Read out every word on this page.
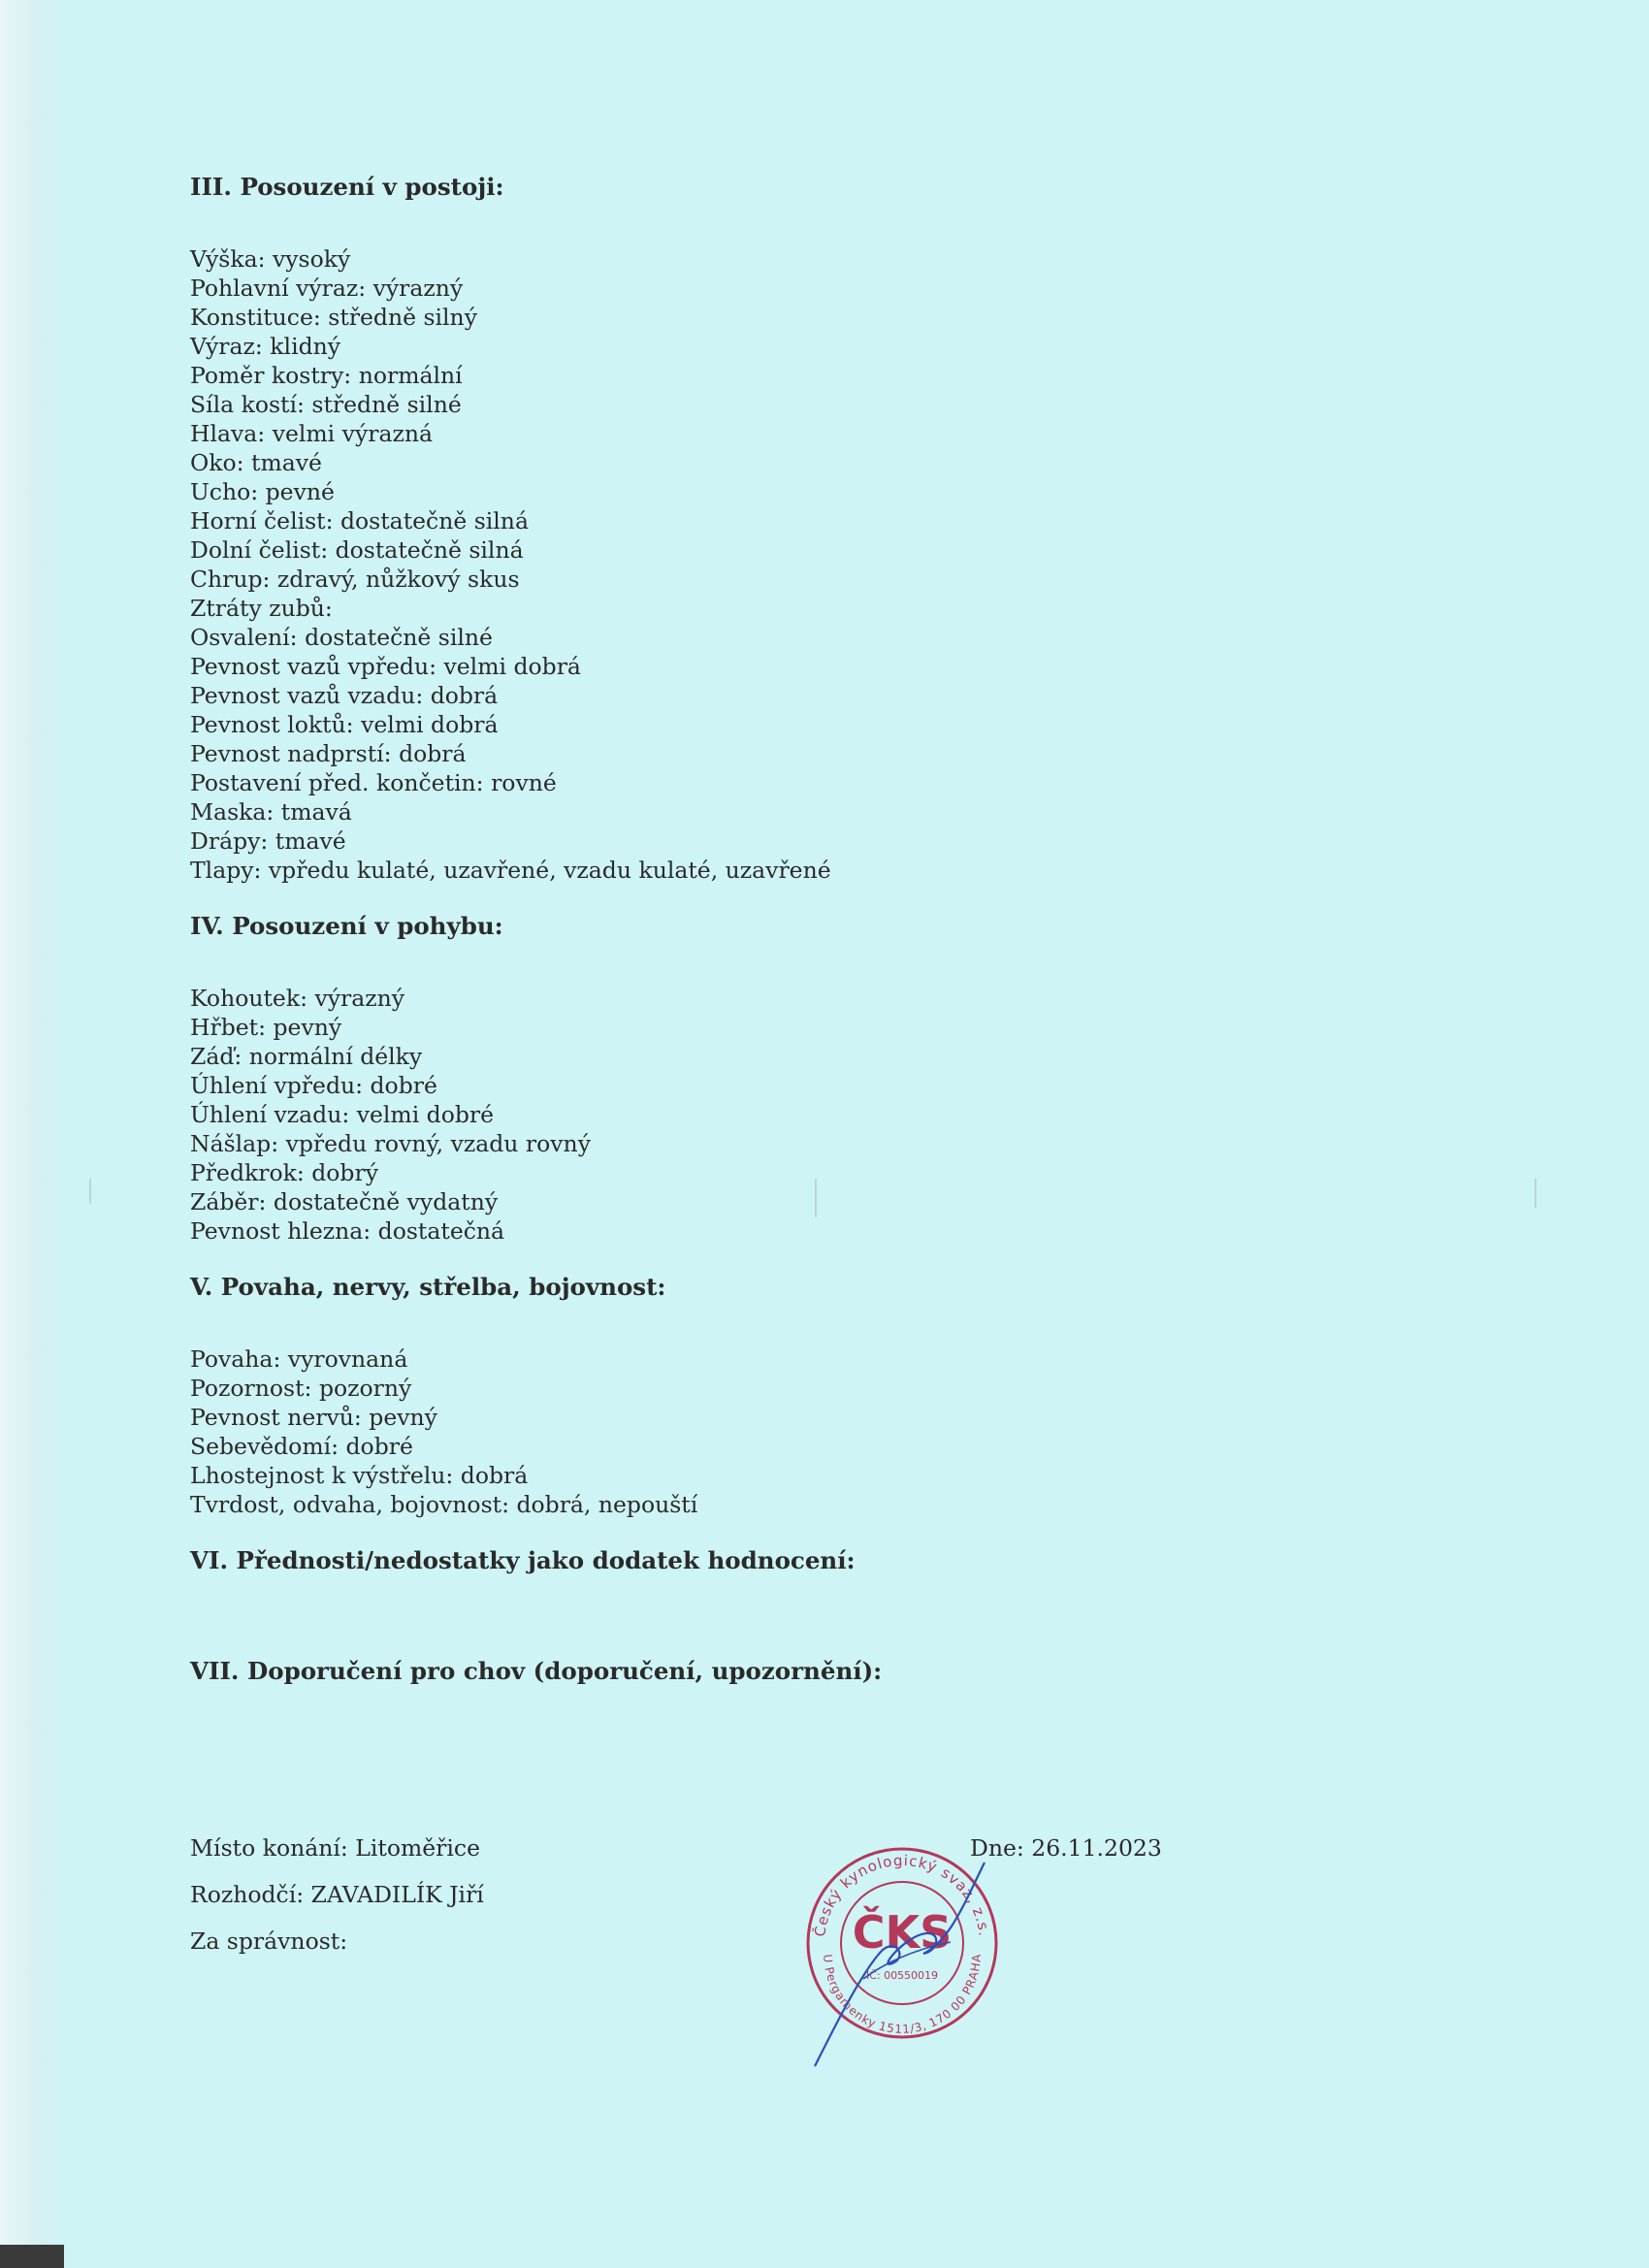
III. Posouzení v postoji:
Výška: vysoký
Pohlavní výraz: výrazný
Konstituce: středně silný
Výraz: klidný
Poměr kostry: normální
Síla kostí: středně silné
Hlava: velmi výrazná
Oko: tmavé
Ucho: pevné
Horní čelist: dostatečně silná
Dolní čelist: dostatečně silná
Chrup: zdravý, nůžkový skus
Ztráty zubů:
Osvalení: dostatečně silné
Pevnost vazů vpředu: velmi dobrá
Pevnost vazů vzadu: dobrá
Pevnost loktů: velmi dobrá
Pevnost nadprstí: dobrá
Postavení před. končetin: rovné
Maska: tmavá
Drápy: tmavé
Tlapy: vpředu kulaté, uzavřené, vzadu kulaté, uzavřené
IV. Posouzení v pohybu:
Kohoutek: výrazný
Hřbet: pevný
Záď: normální délky
Úhlení vpředu: dobré
Úhlení vzadu: velmi dobré
Nášlap: vpředu rovný, vzadu rovný
Předkrok: dobrý
Záběr: dostatečně vydatný
Pevnost hlezna: dostatečná
V. Povaha, nervy, střelba, bojovnost:
Povaha: vyrovnaná
Pozornost: pozorný
Pevnost nervů: pevný
Sebevědomí: dobré
Lhostejnost k výstřelu: dobrá
Tvrdost, odvaha, bojovnost: dobrá, nepouští
VI. Přednosti/nedostatky jako dodatek hodnocení:
VII. Doporučení pro chov (doporučení, upozornění):
Místo konání: Litoměřice
Rozhodčí: ZAVADILÍK Jiří
Za správnost:
Dne: 26.11.2023
Český kynologický svaz, z.s.
U Pergamenky 1511/3, 170 00 PRAHA
ČKS
IČ: 00550019
